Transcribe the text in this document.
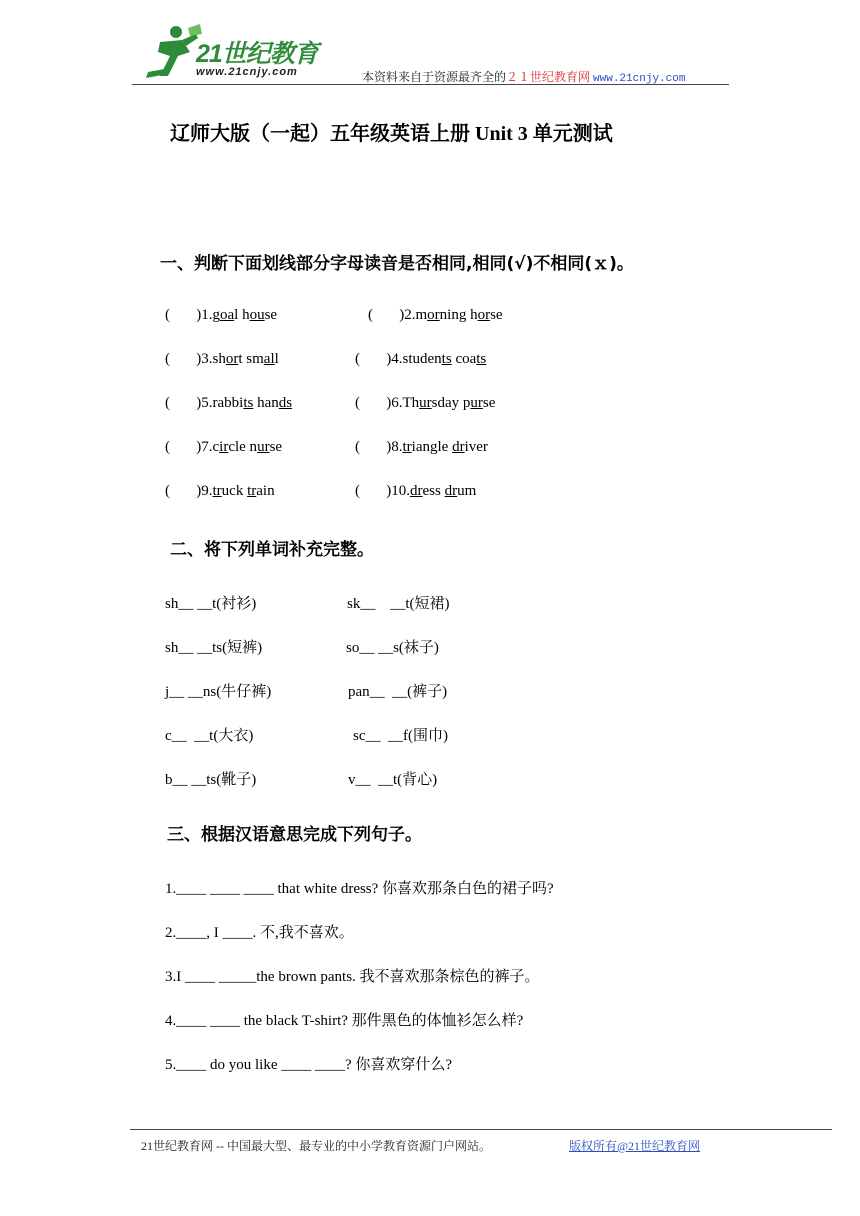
21世纪教育
www.21cnjy.com	本资料来自于资源最齐全的２１世纪教育网 www.21cnjy.com
辽师大版（一起）五年级英语上册 Unit 3 单元测试
一、判断下面划线部分字母读音是否相同,相同(√)不相同(ｘ)。
(       )1.goal house	(       )2.morning horse
(       )3.short small	(       )4.students coats
(       )5.rabbits hands	(       )6.Thursday purse
(       )7.circle nurse	(       )8.triangle driver
(       )9.truck train	(       )10.dress drum
二、将下列单词补充完整。
sh__ __t(衬衫)	sk__    __t(短裙)
sh__ __ts(短裤)	so__ __s(袜子)
j__ __ns(牛仔裤)	pan__  __(裤子)
c__  __t(大衣)	sc__  __f(围巾)
b__ __ts(靴子)	v__  __t(背心)
三、根据汉语意思完成下列句子。
1.____ ____ ____ that white dress? 你喜欢那条白色的裙子吗?
2.____, I ____. 不,我不喜欢。
3.I ____ _____the brown pants. 我不喜欢那条棕色的裤子。
4.____ ____ the black T-shirt? 那件黑色的体恤衫怎么样?
5.____ do you like ____ ____? 你喜欢穿什么?
21世纪教育网 -- 中国最大型、最专业的中小学教育资源门户网站。	版权所有@21世纪教育网
